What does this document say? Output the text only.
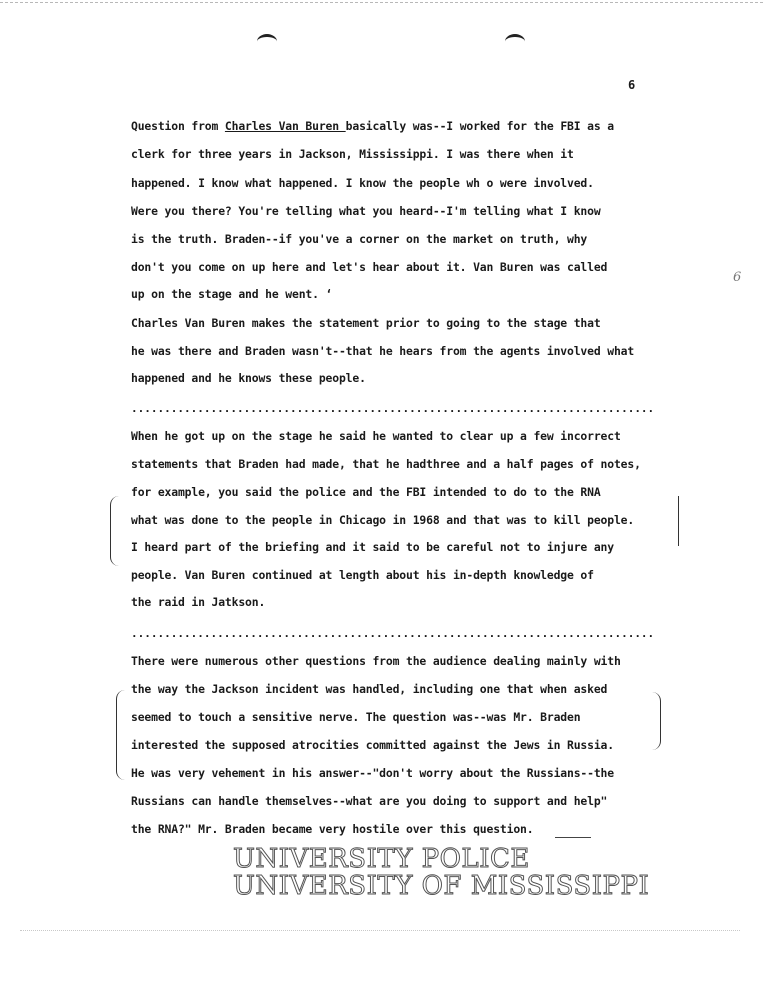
6
6
Question from Charles Van Buren basically was--I worked for the FBI as a
clerk for three years in Jackson, Mississippi. I was there when it
happened. I know what happened. I know the people wh o were involved.
Were you there? You're telling what you heard--I'm telling what I know
is the truth. Braden--if you've a corner on the market on truth, why
don't you come on up here and let's hear about it. Van Buren was called
up on the stage and he went. ‘
Charles Van Buren makes the statement prior to going to the stage that
he was there and Braden wasn't--that he hears from the agents involved what
happened and he knows these people.
...............................................................................
When he got up on the stage he said he wanted to clear up a few incorrect
statements that Braden had made, that he hadthree and a half pages of notes,
for example, you said the police and the FBI intended to do to the RNA
what was done to the people in Chicago in 1968 and that was to kill people.
I heard part of the briefing and it said to be careful not to injure any
people. Van Buren continued at length about his in-depth knowledge of
the raid in Jatkson.
...............................................................................
There were numerous other questions from the audience dealing mainly with
the way the Jackson incident was handled, including one that when asked
seemed to touch a sensitive nerve. The question was--was Mr. Braden
interested the supposed atrocities committed against the Jews in Russia.
He was very vehement in his answer--"don't worry about the Russians--the
Russians can handle themselves--what are you doing to support and help"
the RNA?" Mr. Braden became very hostile over this question.
UNIVERSITY POLICE
UNIVERSITY OF MISSISSIPPI
